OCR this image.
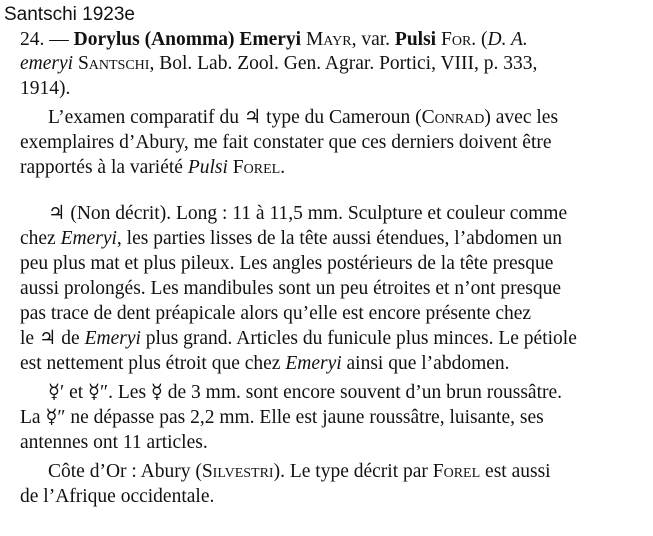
Santschi 1923e
24. — Dorylus (Anomma) Emeryi Mayr, var. Pulsi For. (D. A.
emeryi Santschi, Bol. Lab. Zool. Gen. Agrar. Portici, VIII, p. 333,
1914).
L’examen comparatif du ♃ type du Cameroun (Conrad) avec les
exemplaires d’Abury, me fait constater que ces derniers doivent être
rapportés à la variété Pulsi Forel.
♃ (Non décrit). Long : 11 à 11,5 mm. Sculpture et couleur comme
chez Emeryi, les parties lisses de la tête aussi étendues, l’abdomen un
peu plus mat et plus pileux. Les angles postérieurs de la tête presque
aussi prolongés. Les mandibules sont un peu étroites et n’ont presque
pas trace de dent préapicale alors qu’elle est encore présente chez
le ♃ de Emeryi plus grand. Articles du funicule plus minces. Le pétiole
est nettement plus étroit que chez Emeryi ainsi que l’abdomen.
☿′ et ☿″. Les ☿ de 3 mm. sont encore souvent d’un brun roussâtre.
La ☿″ ne dépasse pas 2,2 mm. Elle est jaune roussâtre, luisante, ses
antennes ont 11 articles.
Côte d’Or : Abury (Silvestri). Le type décrit par Forel est aussi
de l’Afrique occidentale.
